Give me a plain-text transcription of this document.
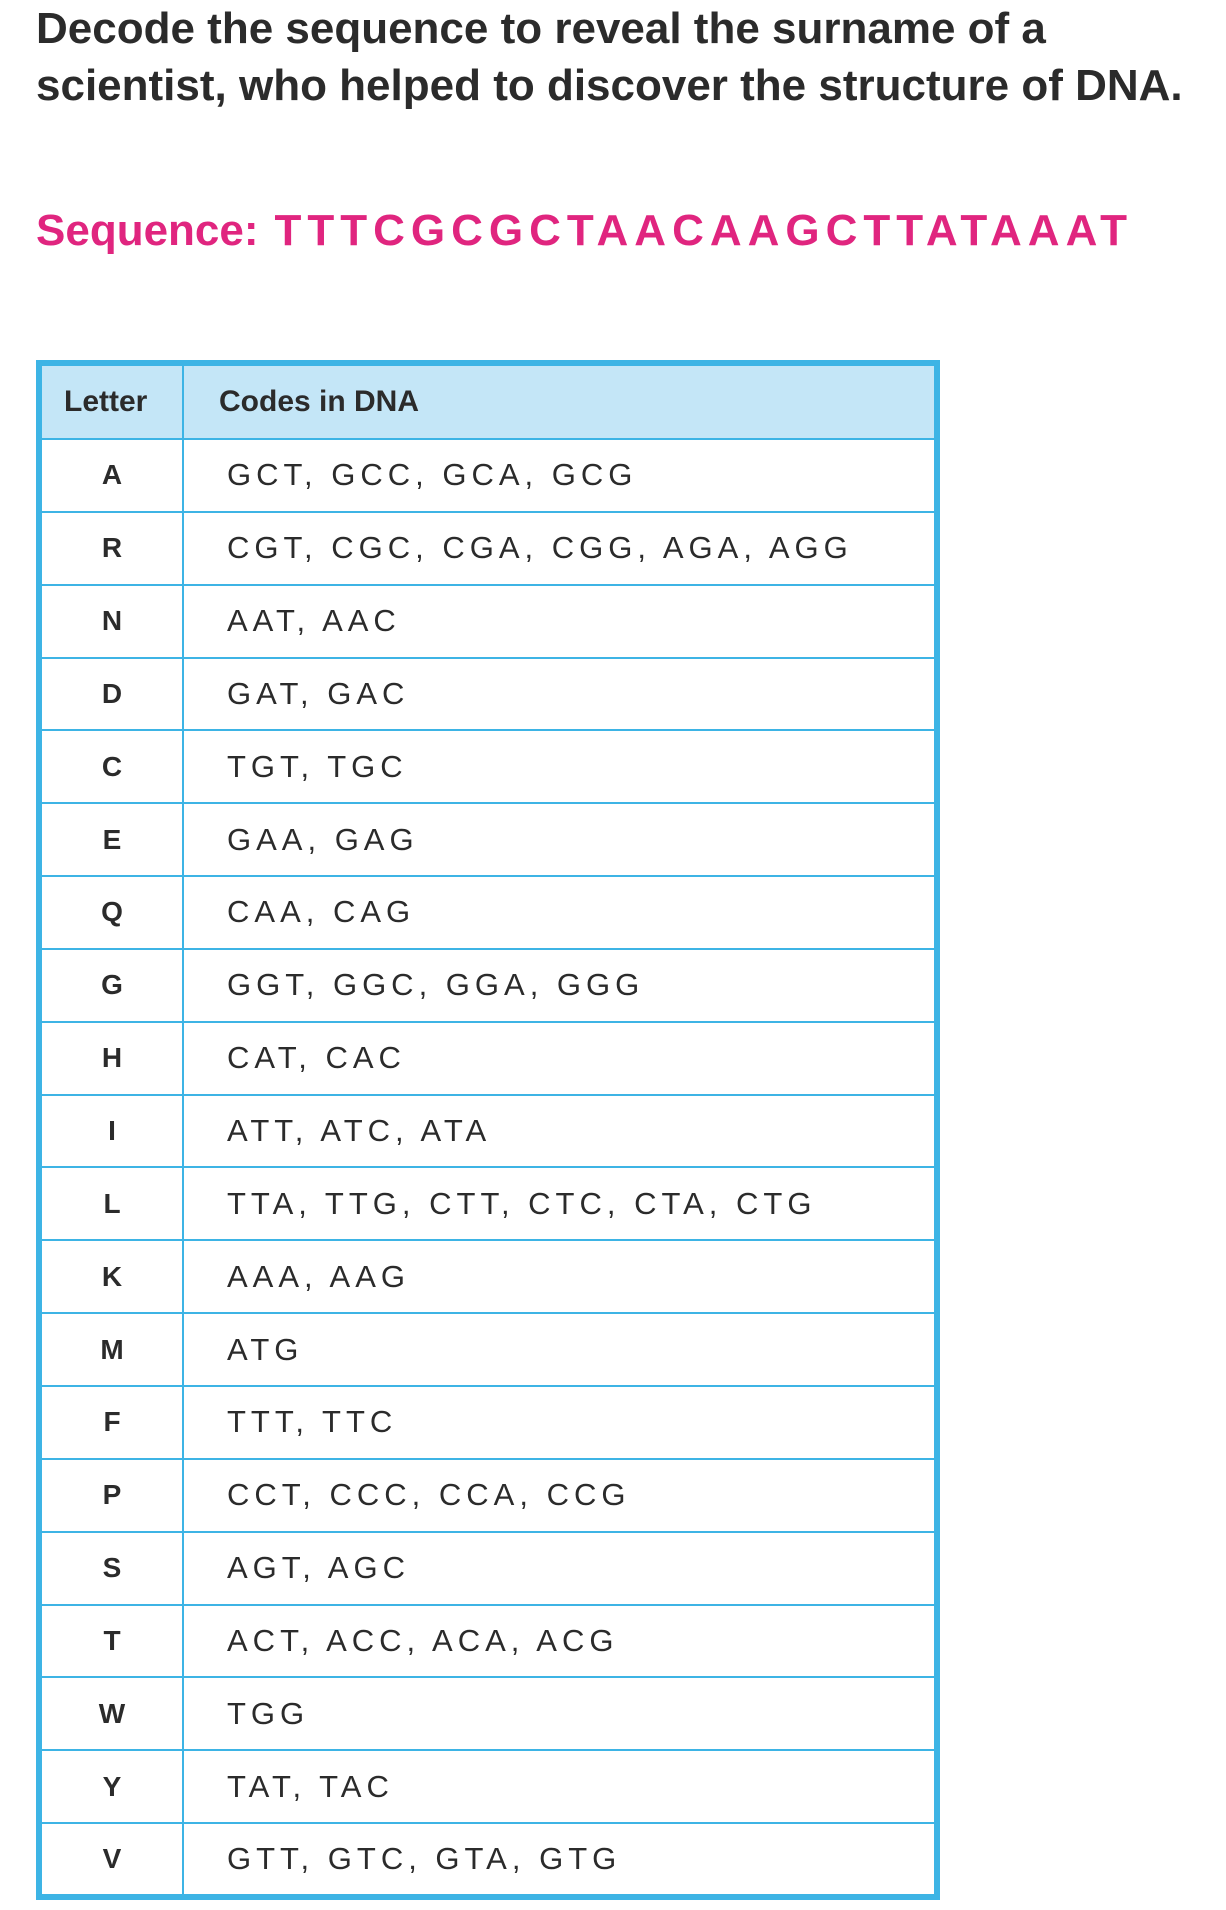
Decode the sequence to reveal the surname of a scientist, who helped to discover the structure of DNA.
Sequence: TTTCGCGCTAACAAGCTTATAAAT
Letter	Codes in DNA
A	GCT, GCC, GCA, GCG
R	CGT, CGC, CGA, CGG, AGA, AGG
N	AAT, AAC
D	GAT, GAC
C	TGT, TGC
E	GAA, GAG
Q	CAA, CAG
G	GGT, GGC, GGA, GGG
H	CAT, CAC
I	ATT, ATC, ATA
L	TTA, TTG, CTT, CTC, CTA, CTG
K	AAA, AAG
M	ATG
F	TTT, TTC
P	CCT, CCC, CCA, CCG
S	AGT, AGC
T	ACT, ACC, ACA, ACG
W	TGG
Y	TAT, TAC
V	GTT, GTC, GTA, GTG
